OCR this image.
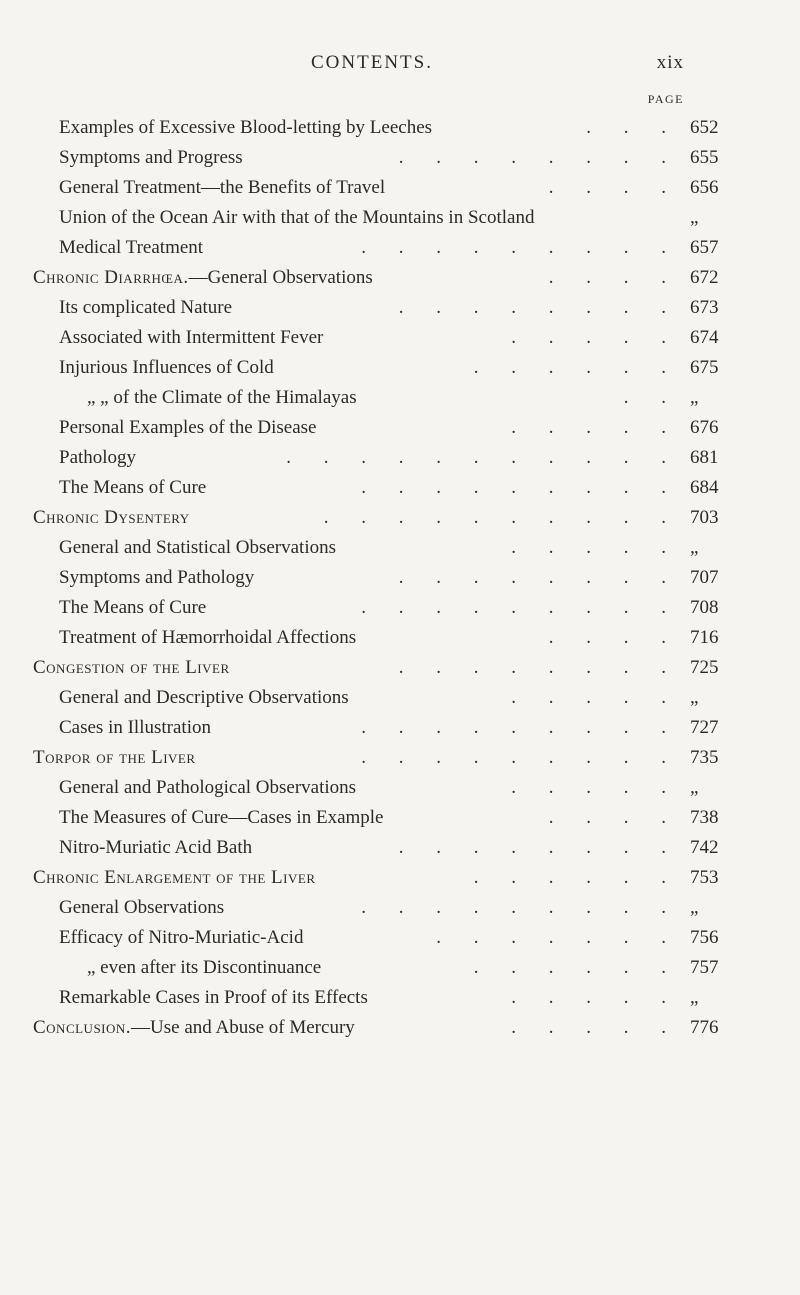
CONTENTS.	xix
PAGE
Examples of Excessive Blood-letting by Leeches	. . . 652
Symptoms and Progress	. . . . . . . . 655
General Treatment—the Benefits of Travel	. . . . 656
Union of the Ocean Air with that of the Mountains in Scotland	„
Medical Treatment	. . . . . . . . . 657
Chronic Diarrhœa.—General Observations	. . . . 672
Its complicated Nature	. . . . . . . . 673
Associated with Intermittent Fever	. . . . . 674
Injurious Influences of Cold	. . . . . . 675
„ „ of the Climate of the Himalayas	. . „
Personal Examples of the Disease	. . . . . 676
Pathology	. . . . . . . . . . . 681
The Means of Cure	. . . . . . . . . 684
Chronic Dysentery	. . . . . . . . . . 703
General and Statistical Observations	. . . . . „
Symptoms and Pathology	. . . . . . . . 707
The Means of Cure	. . . . . . . . . 708
Treatment of Hæmorrhoidal Affections	. . . . 716
Congestion of the Liver	. . . . . . . . 725
General and Descriptive Observations	. . . . . „
Cases in Illustration	. . . . . . . . . 727
Torpor of the Liver	. . . . . . . . . 735
General and Pathological Observations	. . . . . „
The Measures of Cure—Cases in Example	. . . . 738
Nitro-Muriatic Acid Bath	. . . . . . . . 742
Chronic Enlargement of the Liver	. . . . . . 753
General Observations	. . . . . . . . . „
Efficacy of Nitro-Muriatic-Acid	. . . . . . . 756
„ even after its Discontinuance	. . . . . . 757
Remarkable Cases in Proof of its Effects	. . . . . „
Conclusion.—Use and Abuse of Mercury	. . . . . 776
